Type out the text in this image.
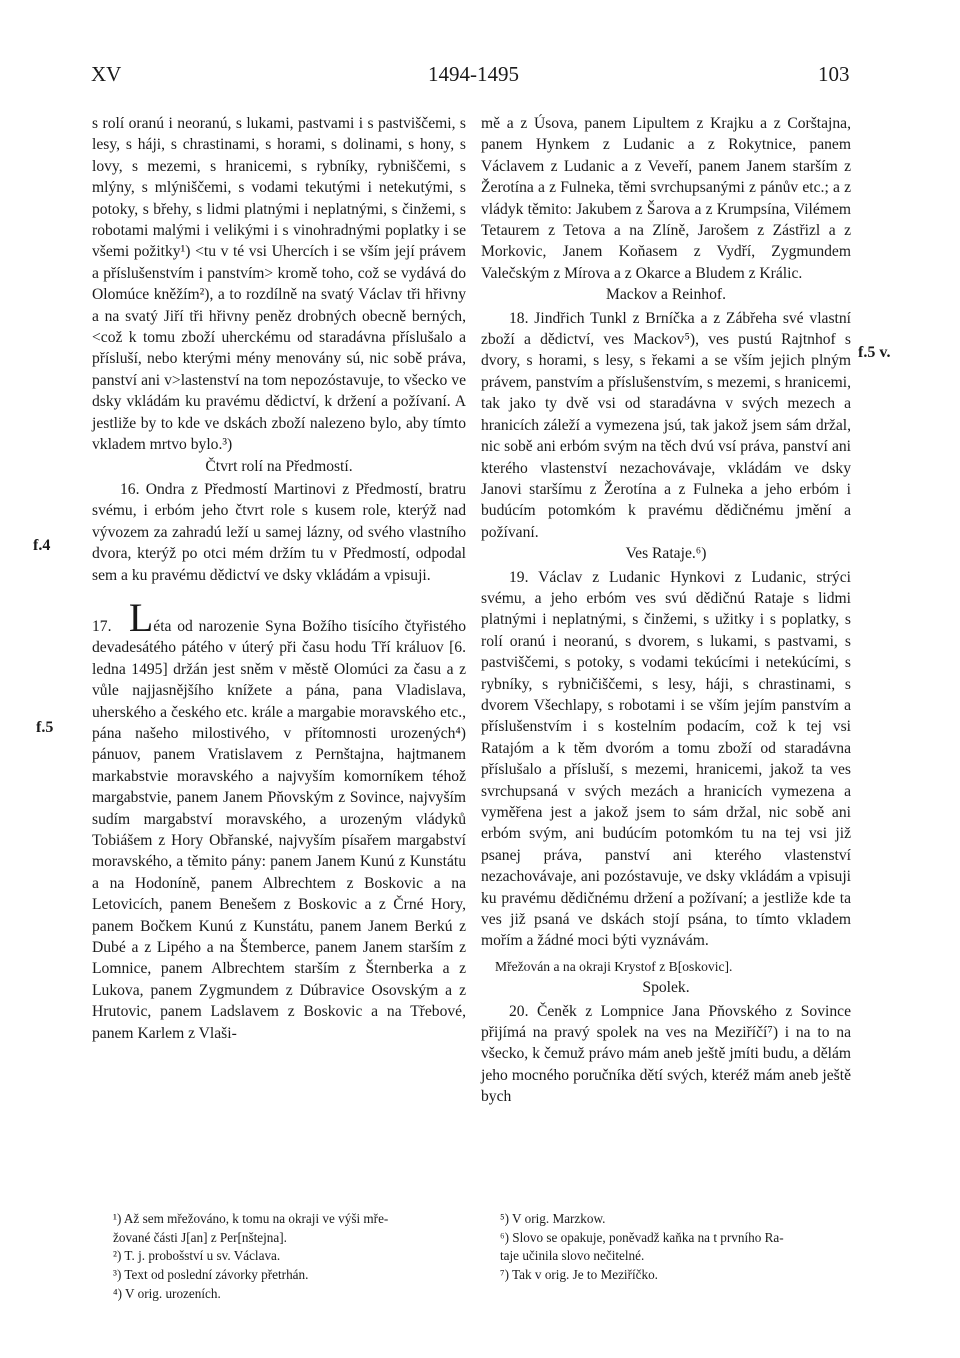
XV	1494-1495	103
f.4
f.5
f.5 v.

s rolí oranú i neoranú, s lukami, pastvami i s pastviščemi, s lesy, s háji, s chrastinami, s horami, s dolinami, s hony, s lovy, s mezemi, s hranicemi, s rybníky, rybniščemi, s mlýny, s mlýniščemi, s vodami tekutými i netekutými, s potoky, s břehy, s lidmi platnými i neplatnými, s činžemi, s robotami malými i velikými i s vinohradnými poplatky i se všemi požitky¹) <tu v té vsi Uhercích i se vším její právem a příslušenstvím i panstvím> kromě toho, což se vydává do Olomúce kněžím²), a to rozdílně na svatý Václav tři hřivny a na svatý Jiří tři hřivny peněz drobných obecně berných, <což k tomu zboží uherckému od staradávna příslušalo a přísluší, nebo kterými mény menovány sú, nic sobě práva, panství ani v>lastenství na tom nepozóstavuje, to všecko ve dsky vkládám ku pravému dědictví, k držení a požívaní. A jestliže by to kde ve dskách zboží nalezeno bylo, aby tímto vkladem mrtvo bylo.³)

Čtvrt rolí na Předmostí.

16. Ondra z Předmostí Martinovi z Předmostí, bratru svému, i erbóm jeho čtvrt role s kusem role, kterýž nad vývozem za zahradú leží u samej lázny, od svého vlastního dvora, kterýž po otci mém držím tu v Předmostí, odpodal sem a ku pravému dědictví ve dsky vkládám a vpisuji.

17. Léta od narozenie Syna Božího tisícího čtyřistého devadesátého pátého v úterý při času hodu Tří králuov [6. ledna 1495] držán jest sněm v městě Olomúci za času a z vůle najjasnějšího knížete a pána, pana Vladislava, uherského a českého etc. krále a margabie moravského etc., pána našeho milostivého, v přítomnosti urozených⁴) pánuov, panem Vratislavem z Pernštajna, hajtmanem markabstvie moravského a najvyším komorníkem téhož margabstvie, panem Janem Pňovským z Sovince, najvyším sudím margabství moravského, a urozeným vládyků Tobiášem z Hory Obřanské, najvyším písařem margabství moravského, a těmito pány: panem Janem Kunú z Kunstátu a na Hodoníně, panem Albrechtem z Boskovic a na Letovicích, panem Benešem z Boskovic a z Črné Hory, panem Bočkem Kunú z Kunstátu, panem Janem Berkú z Dubé a z Lipého a na Štemberce, panem Janem starším z Lomnice, panem Albrechtem starším z Šternberka a z Lukova, panem Zygmundem z Dúbravice Osovským a z Hrutovic, panem Ladslavem z Boskovic a na Třebové, panem Karlem z Vlaši-

mě a z Úsova, panem Lipultem z Krajku a z Corštajna, panem Hynkem z Ludanic a z Rokytnice, panem Václavem z Ludanic a z Veveří, panem Janem starším z Žerotína a z Fulneka, těmi svrchupsanými z pánův etc.; a z vládyk těmito: Jakubem z Šarova a z Krumpsína, Vilémem Tetaurem z Tetova a na Zlíně, Jarošem z Zástřizl a z Morkovic, Janem Koňasem z Vydří, Zygmundem Valečským z Mírova a z Okarce a Bludem z Králic.

Mackov a Reinhof.

18. Jindřich Tunkl z Brníčka a z Zábřeha své vlastní zboží a dědictví, ves Mackov⁵), ves pustú Rajtnhof s dvory, s horami, s lesy, s řekami a se vším jejich plným právem, panstvím a příslušenstvím, s mezemi, s hranicemi, tak jako ty dvě vsi od staradávna v svých mezech a hranicích záleží a vymezena jsú, tak jakož jsem sám držal, nic sobě ani erbóm svým na těch dvú vsí práva, panství ani kterého vlastenství nezachovávaje, vkládám ve dsky Janovi staršímu z Žerotína a z Fulneka a jeho erbóm i budúcím potomkóm k pravému dědičnému jmění a požívaní.

Ves Rataje.⁶)

19. Václav z Ludanic Hynkovi z Ludanic, strýci svému, a jeho erbóm ves svú dědičnú Rataje s lidmi platnými i neplatnými, s činžemi, s užitky i s poplatky, s rolí oranú i neoranú, s dvorem, s lukami, s pastvami, s pastviščemi, s potoky, s vodami tekúcími i netekúcími, s rybníky, s rybničiščemi, s lesy, háji, s chrastinami, s dvorem Všechlapy, s robotami i se vším jejím panstvím a příslušenstvím i s kostelním podacím, což k tej vsi Ratajóm a k těm dvoróm a tomu zboží od staradávna příslušalo a přísluší, s mezemi, hranicemi, jakož ta ves svrchupsaná v svých mezách a hranicích vymezena a vyměřena jest a jakož jsem to sám držal, nic sobě ani erbóm svým, ani budúcím potomkóm tu na tej vsi již psanej práva, panství ani kterého vlastenství nezachovávaje, ani pozóstavuje, ve dsky vkládám a vpisuji ku pravému dědičnému držení a požívaní; a jestliže kde ta ves již psaná ve dskách stojí psána, to tímto vkladem mořím a žádné moci býti vyznávám.

Mřežován a na okraji Krystof z B[oskovic].

Spolek.

20. Čeněk z Lompnice Jana Pňovského z Sovince přijímá na pravý spolek na ves na Meziříčí⁷) i na to na všecko, k čemuž právo mám aneb ještě jmíti budu, a dělám jeho mocného poručníka dětí svých, kteréž mám aneb ještě bych

¹) Až sem mřežováno, k tomu na okraji ve výši mře-
žované části J[an] z Per[nštejna].
²) T. j. probošství u sv. Václava.
³) Text od poslední závorky přetrhán.
⁴) V orig. urozeních.
⁵) V orig. Marzkow.
⁶) Slovo se opakuje, poněvadž kaňka na t prvního Ra-
taje učinila slovo nečitelné.
⁷) Tak v orig. Je to Meziříčko.
